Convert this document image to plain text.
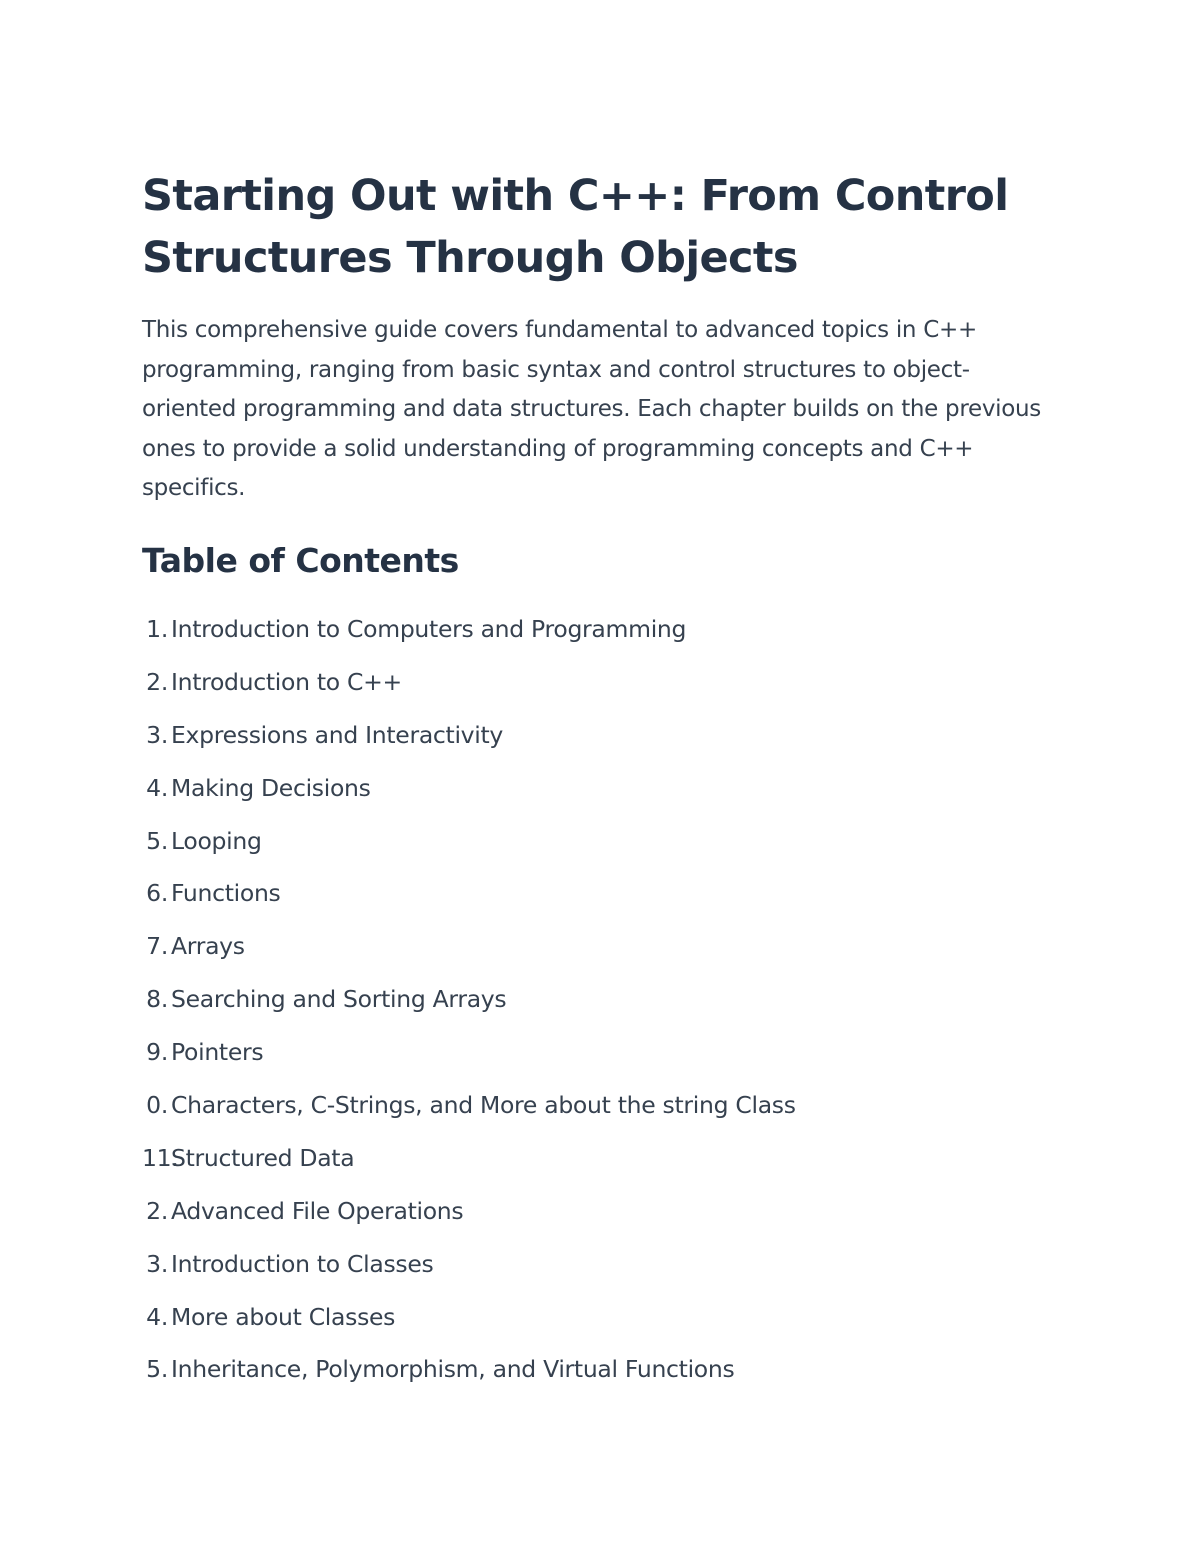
Starting Out with C++: From Control Structures Through Objects

This comprehensive guide covers fundamental to advanced topics in C++ programming, ranging from basic syntax and control structures to object-oriented programming and data structures. Each chapter builds on the previous ones to provide a solid understanding of programming concepts and C++ specifics.

Table of Contents
1. Introduction to Computers and Programming
2. Introduction to C++
3. Expressions and Interactivity
4. Making Decisions
5. Looping
6. Functions
7. Arrays
8. Searching and Sorting Arrays
9. Pointers
0. Characters, C-Strings, and More about the string Class
11.
Structured Data
2. Advanced File Operations
3. Introduction to Classes
4. More about Classes
5. Inheritance, Polymorphism, and Virtual Functions
